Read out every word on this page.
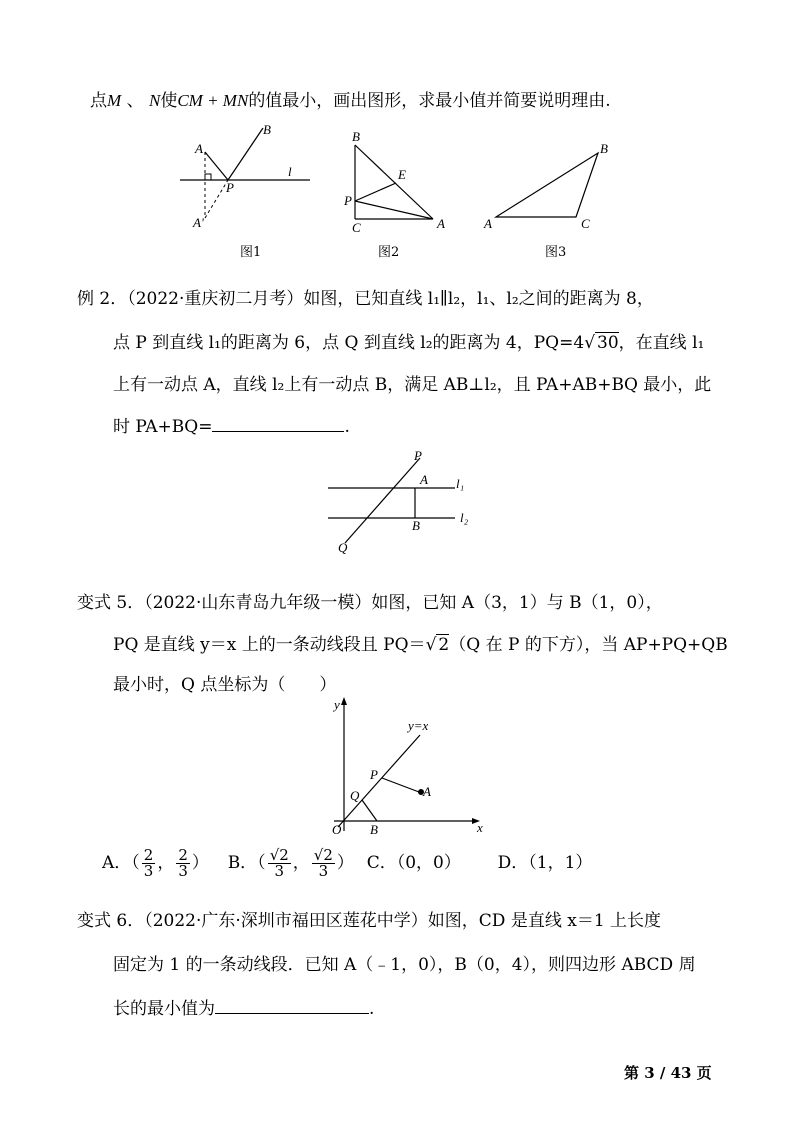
点M 、 N使CM + MN的值最小，画出图形，求最小值并简要说明理由.
A
B
P
l
A'
图1
B
E
P
C	A
图2
B
A	C
图3
例 2．（2022·重庆初二月考）如图，已知直线 l₁∥l₂，l₁、l₂之间的距离为 8，
点 P 到直线 l₁的距离为 6，点 Q 到直线 l₂的距离为 4，PQ=4√ 30，在直线 l₁
上有一动点 A，直线 l₂上有一动点 B，满足 AB⊥l₂，且 PA+AB+BQ 最小，此
时 PA+BQ=	.
P
A l₁
B
l₂
Q
变式 5．（2022·山东青岛九年级一模）如图，已知 A（3，1）与 B（1，0），
PQ 是直线 y＝x 上的一条动线段且 PQ＝√ 2（Q 在 P 的下方），当 AP+PQ+QB
最小时，Q 点坐标为（　　）
y
y=x
P
A
Q
O B	x
A．（ $\frac{2}{3}$ ， $\frac{2}{3}$ ） B．（ $\frac{√2}{3}$ ， $\frac{√2}{3}$ ） C．（0，0） D．（1，1）
变式 6．（2022·广东·深圳市福田区莲花中学）如图，CD 是直线 x＝1 上长度
固定为 1 的一条动线段．已知 A（﹣1，0），B（0，4），则四边形 ABCD 周
长的最小值为	.
第 3 / 43 页
